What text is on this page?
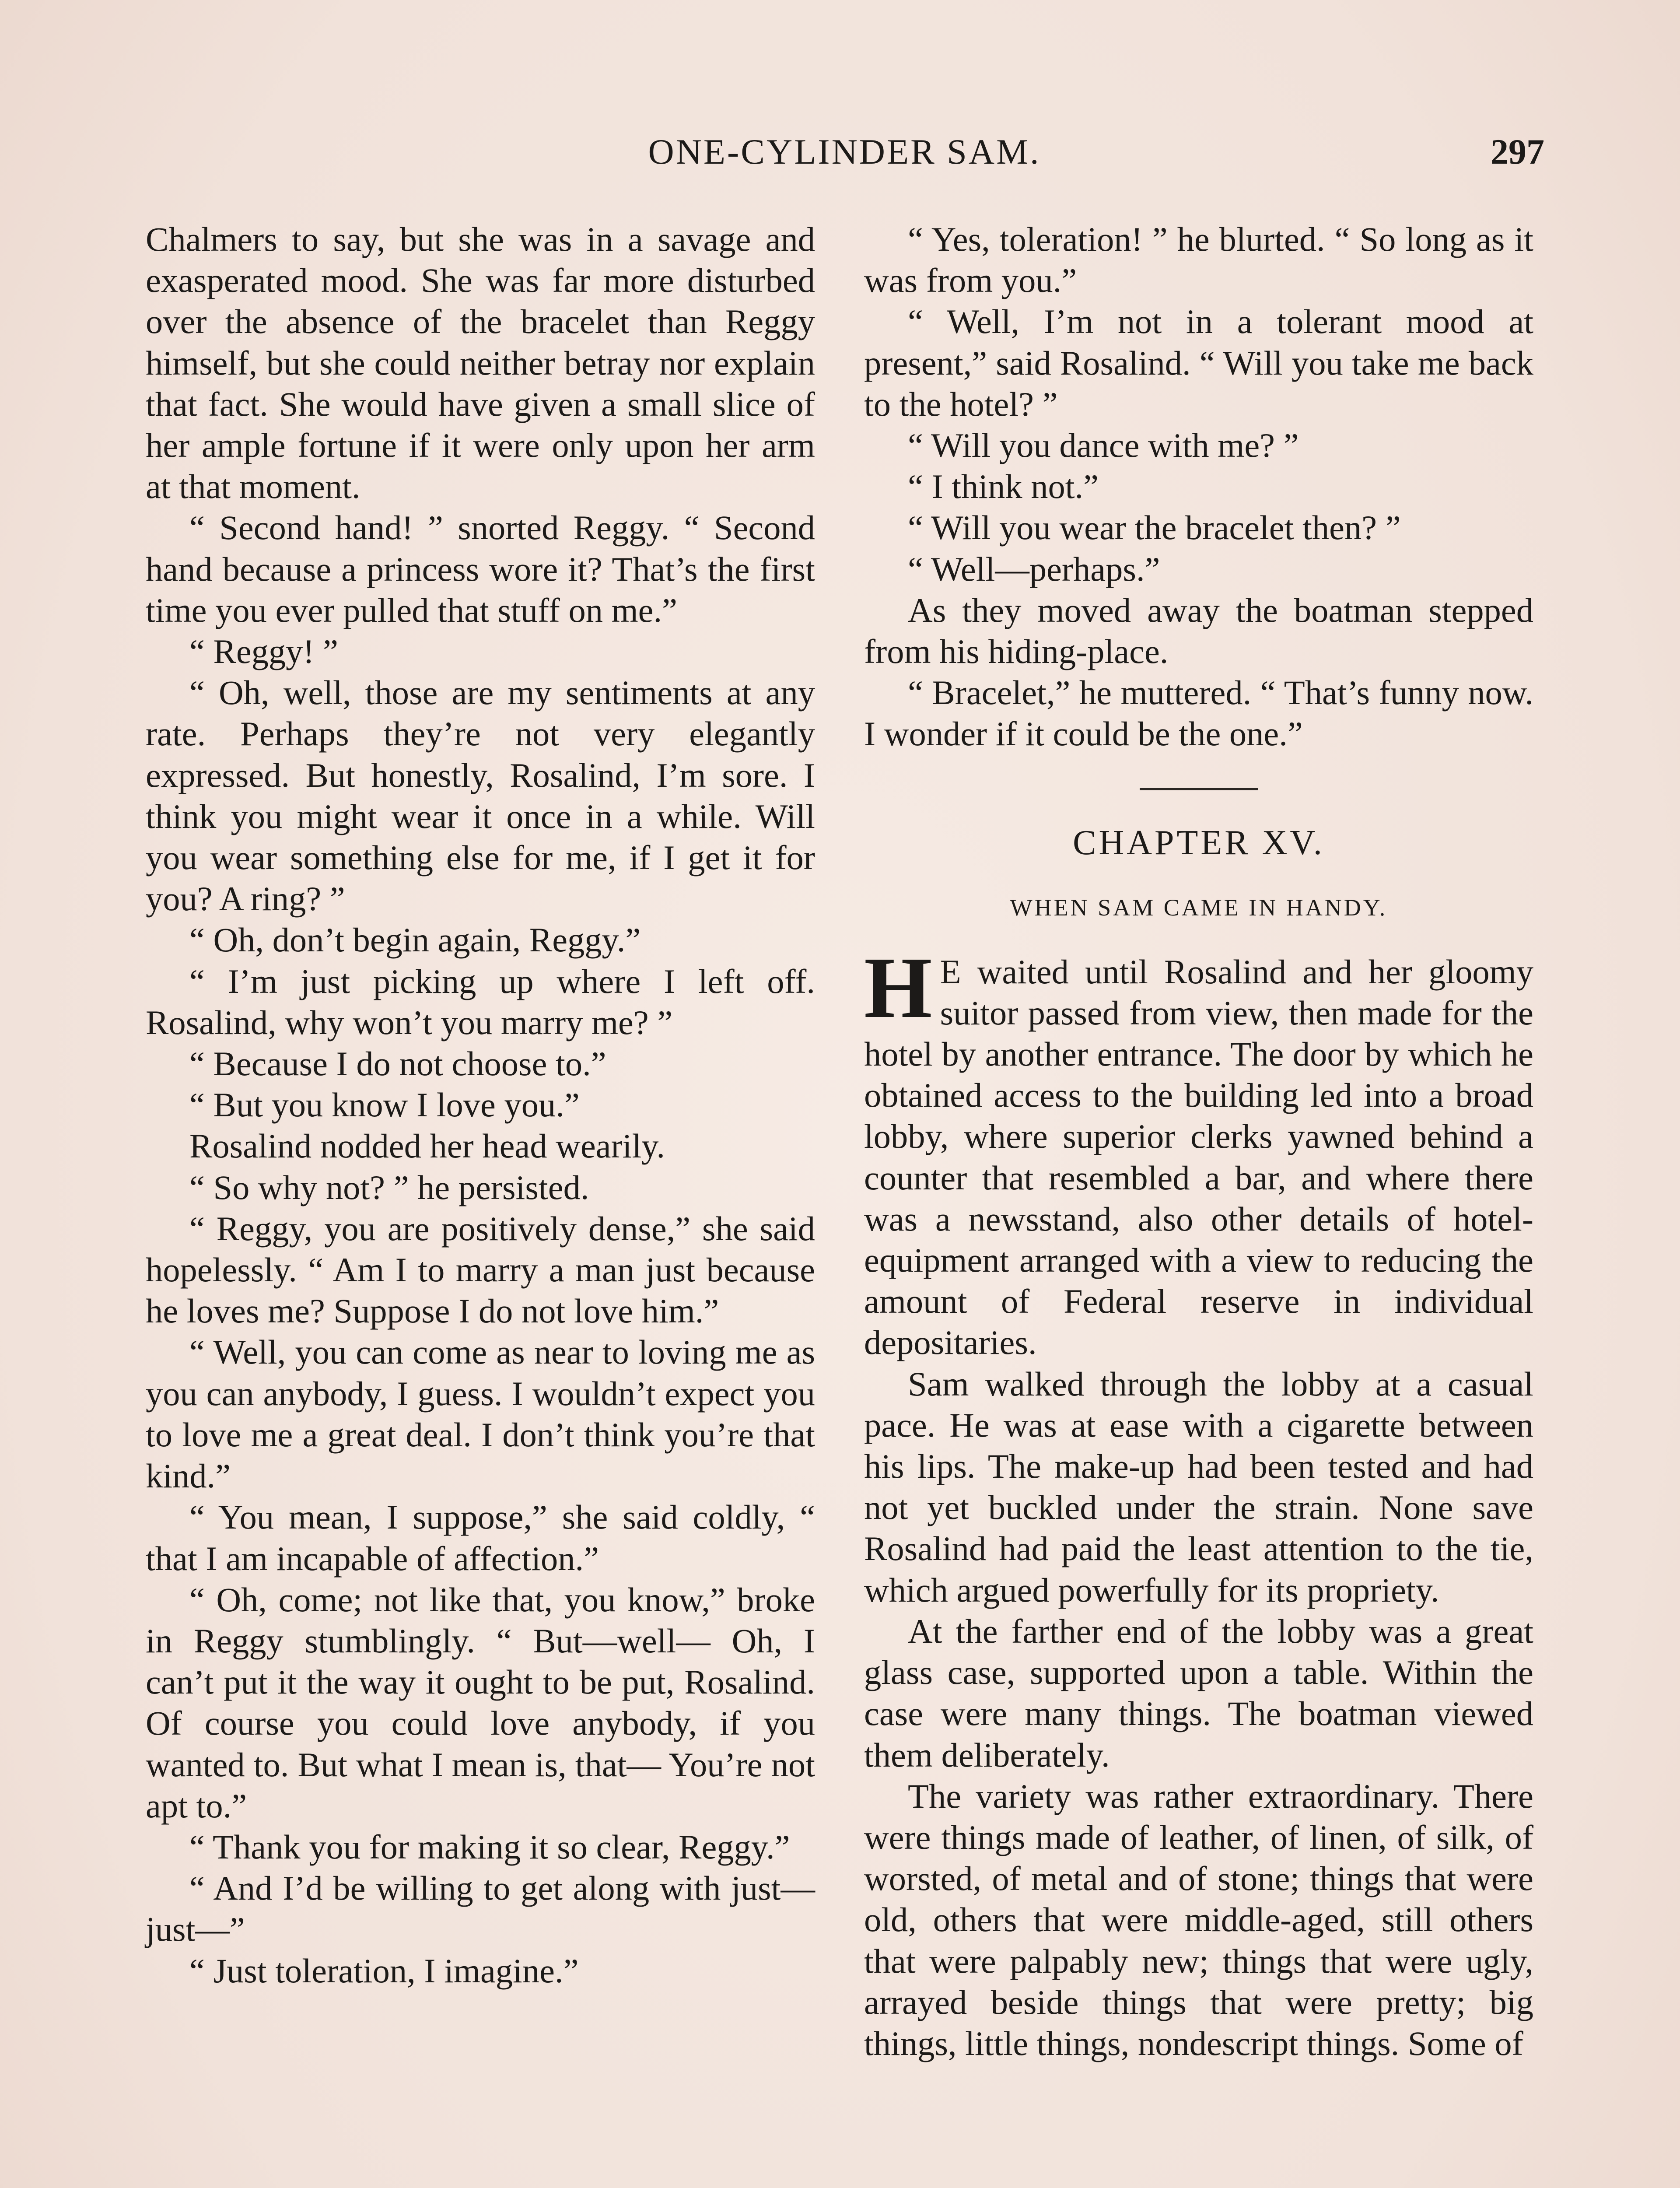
ONE-CYLINDER SAM.	297

Chalmers to say, but she was in a savage and exasperated mood. She was far more disturbed over the absence of the bracelet than Reggy himself, but she could neither betray nor explain that fact. She would have given a small slice of her ample fortune if it were only upon her arm at that moment.

“ Second hand! ” snorted Reggy. “ Second hand because a princess wore it? That’s the first time you ever pulled that stuff on me.”

“ Reggy! ”

“ Oh, well, those are my sentiments at any rate. Perhaps they’re not very elegantly expressed. But honestly, Rosalind, I’m sore. I think you might wear it once in a while. Will you wear something else for me, if I get it for you? A ring? ”

“ Oh, don’t begin again, Reggy.”

“ I’m just picking up where I left off. Rosalind, why won’t you marry me? ”

“ Because I do not choose to.”

“ But you know I love you.”

Rosalind nodded her head wearily.

“ So why not? ” he persisted.

“ Reggy, you are positively dense,” she said hopelessly. “ Am I to marry a man just because he loves me? Suppose I do not love him.”

“ Well, you can come as near to loving me as you can anybody, I guess. I wouldn’t expect you to love me a great deal. I don’t think you’re that kind.”

“ You mean, I suppose,” she said coldly, “ that I am incapable of affection.”

“ Oh, come; not like that, you know,” broke in Reggy stumblingly. “ But—well— Oh, I can’t put it the way it ought to be put, Rosalind. Of course you could love anybody, if you wanted to. But what I mean is, that— You’re not apt to.”

“ Thank you for making it so clear, Reggy.”

“ And I’d be willing to get along with just—just—”

“ Just toleration, I imagine.”

“ Yes, toleration! ” he blurted. “ So long as it was from you.”

“ Well, I’m not in a tolerant mood at present,” said Rosalind. “ Will you take me back to the hotel? ”

“ Will you dance with me? ”

“ I think not.”

“ Will you wear the bracelet then? ”

“ Well—perhaps.”

As they moved away the boatman stepped from his hiding-place.

“ Bracelet,” he muttered. “ That’s funny now. I wonder if it could be the one.”

CHAPTER XV.
WHEN SAM CAME IN HANDY.

H E waited until Rosalind and her gloomy suitor passed from view, then made for the hotel by another entrance. The door by which he obtained access to the building led into a broad lobby, where superior clerks yawned behind a counter that resembled a bar, and where there was a newsstand, also other details of hotel-equipment arranged with a view to reducing the amount of Federal reserve in individual depositaries.

Sam walked through the lobby at a casual pace. He was at ease with a cigarette between his lips. The make-up had been tested and had not yet buckled under the strain. None save Rosalind had paid the least attention to the tie, which argued powerfully for its propriety.

At the farther end of the lobby was a great glass case, supported upon a table. Within the case were many things. The boatman viewed them deliberately.

The variety was rather extraordinary. There were things made of leather, of linen, of silk, of worsted, of metal and of stone; things that were old, others that were middle-aged, still others that were palpably new; things that were ugly, arrayed beside things that were pretty; big things, little things, nondescript things. Some of
